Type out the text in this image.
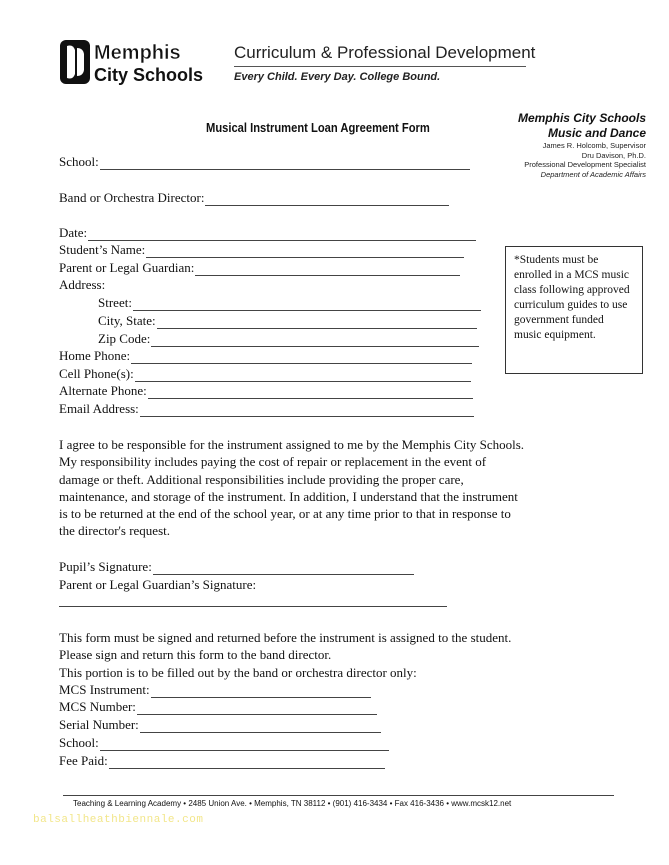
Memphis
City Schools
Curriculum & Professional Development
Every Child. Every Day. College Bound.
Musical Instrument Loan Agreement Form
Memphis City Schools
Music and Dance
James R. Holcomb, Supervisor
Dru Davison, Ph.D.
Professional Development Specialist
Department of Academic Affairs
School:
Band or Orchestra Director:
Date:
Student’s Name:
Parent or Legal Guardian:
Address:
Street:
City, State:
Zip Code:
Home Phone:
Cell Phone(s):
Alternate Phone:
Email Address:
*Students must be enrolled in a MCS music class following approved curriculum guides to use government funded music equipment.
I agree to be responsible for the instrument assigned to me by the Memphis City Schools.
My responsibility includes paying the cost of repair or replacement in the event of
damage or theft. Additional responsibilities include providing the proper care,
maintenance, and storage of the instrument. In addition, I understand that the instrument
is to be returned at the end of the school year, or at any time prior to that in response to
the director's request.
Pupil’s Signature:
Parent or Legal Guardian’s Signature:
This form must be signed and returned before the instrument is assigned to the student.
Please sign and return this form to the band director.
This portion is to be filled out by the band or orchestra director only:
MCS Instrument:
MCS Number:
Serial Number:
School:
Fee Paid:
Teaching & Learning Academy • 2485 Union Ave. • Memphis, TN 38112 • (901) 416-3434 • Fax 416-3436 • www.mcsk12.net
balsallheathbiennale.com
